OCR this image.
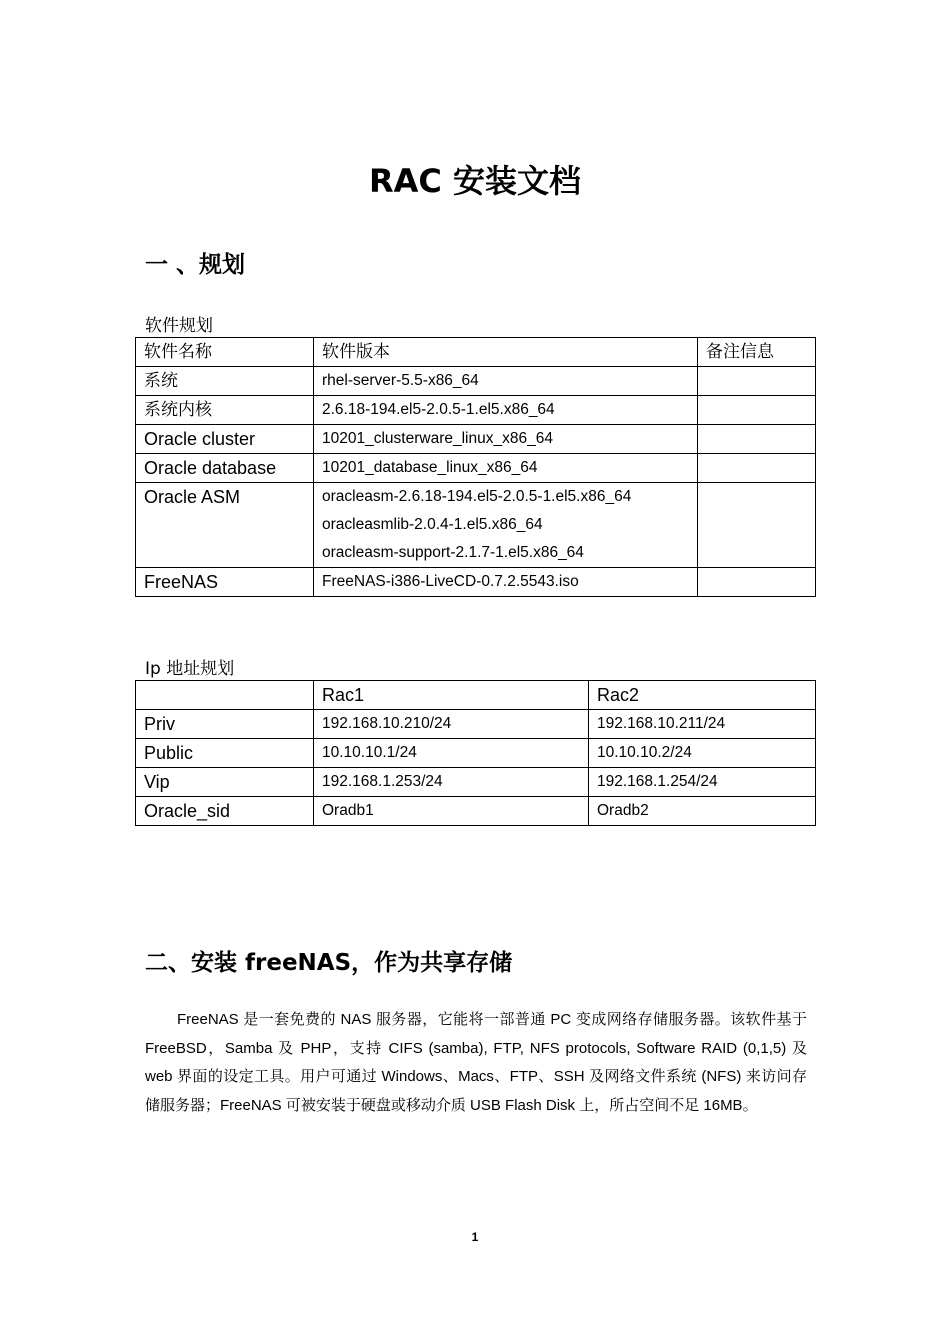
RAC 安装文档
一 、规划
软件规划
软件名称	软件版本	备注信息

系统	rhel-server-5.5-x86_64	

系统内核	2.6.18-194.el5-2.0.5-1.el5.x86_64	

Oracle cluster	10201_clusterware_linux_x86_64	

Oracle database	10201_database_linux_x86_64	

Oracle ASM	oracleasm-2.6.18-194.el5-2.0.5-1.el5.x86_64
oracleasmlib-2.0.4-1.el5.x86_64
oracleasm-support-2.1.7-1.el5.x86_64	

FreeNAS	FreeNAS-i386-LiveCD-0.7.2.5543.iso	

Ip 地址规划

	Rac1	Rac2

Priv	192.168.10.210/24	192.168.10.211/24

Public	10.10.10.1/24	10.10.10.2/24

Vip	192.168.1.253/24	192.168.1.254/24

Oracle_sid	Oradb1	Oradb2
二、安装 freeNAS，作为共享存储
FreeNAS 是一套免费的 NAS 服务器，它能将一部普通 PC 变成网络存储服务器。该软件基于 FreeBSD，Samba 及 PHP，支持 CIFS (samba), FTP, NFS protocols, Software RAID (0,1,5) 及 web 界面的设定工具。用户可通过 Windows、Macs、FTP、SSH 及网络文件系统 (NFS) 来访问存储服务器；FreeNAS 可被安装于硬盘或移动介质 USB Flash Disk 上，所占空间不足 16MB。
1
